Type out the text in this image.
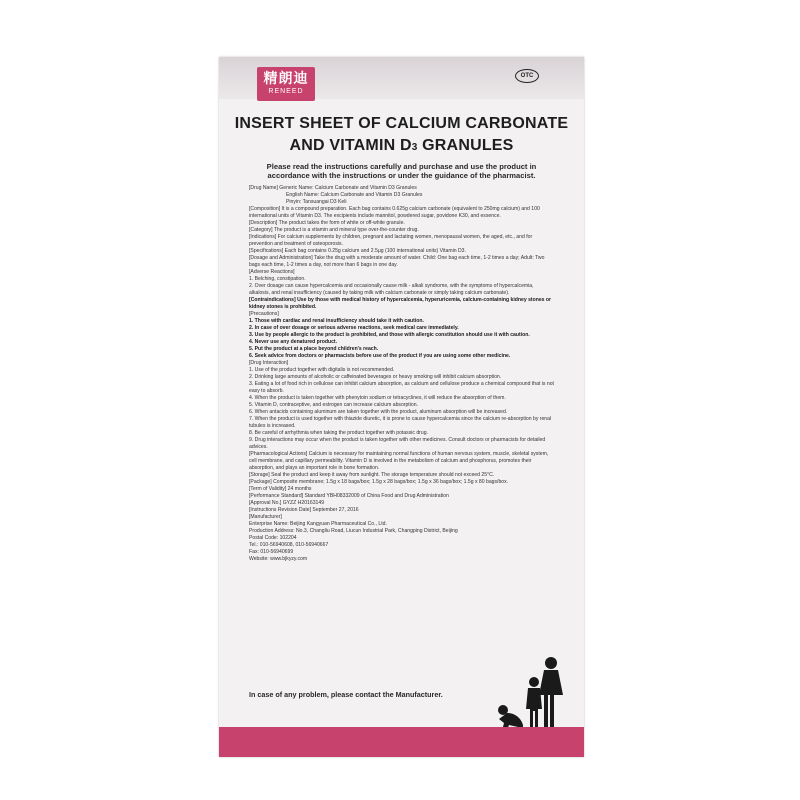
精朗迪
RENEED
OTC
INSERT SHEET OF CALCIUM CARBONATE
AND VITAMIN D3 GRANULES
Please read the instructions carefully and purchase and use the product in accordance with the instructions or under the guidance of the pharmacist.

[Drug Name] Generic Name: Calcium Carbonate and Vitamin D3 Granules

English Name: Calcium Carbonate and Vitamin D3 Granules

Pinyin: Tansuangai D3 Keli

[Composition] It is a compound preparation. Each bag contains 0.625g calcium carbonate (equivalent to 250mg calcium) and 100 international units of Vitamin D3. The excipients include mannitol, powdered sugar, povidone K30, and essence.

[Description] The product takes the form of white or off-white granule.

[Category] The product is a vitamin and mineral type over-the-counter drug.

[Indications] For calcium supplements by children, pregnant and lactating women, menopausal women, the aged, etc., and for prevention and treatment of osteoporosis.

[Specifications] Each bag contains 0.25g calcium and 2.5μg (100 international units) Vitamin D3.

[Dosage and Administration] Take the drug with a moderate amount of water. Child: One bag each time, 1-2 times a day; Adult: Two bags each time, 1-2 times a day, not more than 6 bags in one day.

[Adverse Reactions]

1. Belching, constipation.

2. Over dosage can cause hypercalcemia and occasionally cause milk - alkali syndrome, with the symptoms of hypercalcemia, alkalosis, and renal insufficiency (caused by taking milk with calcium carbonate or simply taking calcium carbonate).

[Contraindications] Use by those with medical history of hypercalcemia, hyperuricemia, calcium-containing kidney stones or kidney stones is prohibited.

[Precautions]

1. Those with cardiac and renal insufficiency should take it with caution.

2. In case of over dosage or serious adverse reactions, seek medical care immediately.

3. Use by people allergic to the product is prohibited, and those with allergic constitution should use it with caution.

4. Never use any denatured product.

5. Put the product at a place beyond children's reach.

6. Seek advice from doctors or pharmacists before use of the product if you are using some other medicine.

[Drug Interaction]

1. Use of the product together with digitalis is not recommended.

2. Drinking large amounts of alcoholic or caffeinated beverages or heavy smoking will inhibit calcium absorption.

3. Eating a lot of food rich in cellulose can inhibit calcium absorption, as calcium and cellulose produce a chemical compound that is not easy to absorb.

4. When the product is taken together with phenytoin sodium or tetracyclines, it will reduce the absorption of them.

5. Vitamin D, contraceptive, and estrogen can increase calcium absorption.

6. When antacids containing aluminum are taken together with the product, aluminum absorption will be increased.

7. When the product is used together with thiazide diuretic, it is prone to cause hypercalcemia since the calcium re-absorption by renal tubules is increased.

8. Be careful of arrhythmia when taking the product together with potassic drug.

9. Drug interactions may occur when the product is taken together with other medicines. Consult doctors or pharmacists for detailed advices.

[Pharmacological Actions] Calcium is necessary for maintaining normal functions of human nervous system, muscle, skeletal system, cell membrane, and capillary permeability. Vitamin D is involved in the metabolism of calcium and phosphorus, promotes their absorption, and plays an important role in bone formation.

[Storage] Seal the product and keep it away from sunlight. The storage temperature should not exceed 25°C.

[Package] Composite membrane; 1.5g x 18 bags/box; 1.5g x 28 bags/box; 1.5g x 36 bags/box; 1.5g x 80 bags/box.

[Term of Validity] 24 months

[Performance Standard] Standard YBH08332009 of China Food and Drug Administration

[Approval No.] GYZZ H20163149

[Instructions Revision Date] September 27, 2016

[Manufacturer]

Enterprise Name: Beijing Kangyuan Pharmaceutical Co., Ltd.

Production Address: No.3, Changliu Road, Liucun Industrial Park, Changping District, Beijing

Postal Code: 102204

Tel.: 010-56940608, 010-56940667

Fax: 010-56940699

Website: www.bjkyzy.com

In case of any problem, please contact the Manufacturer.
